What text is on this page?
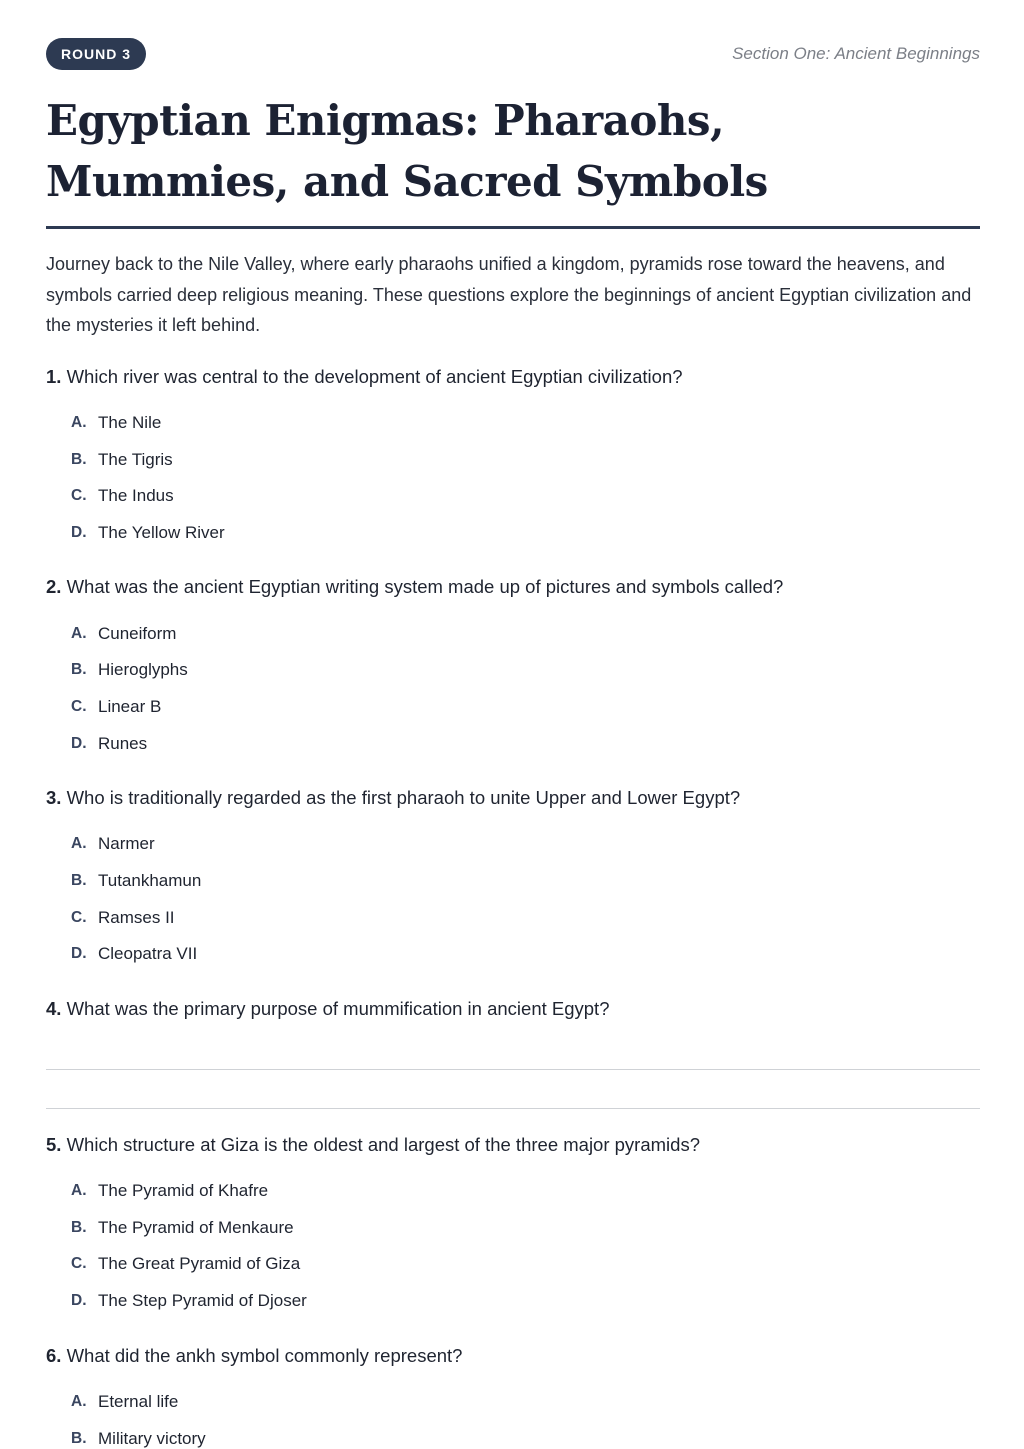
ROUND 3	Section One: Ancient Beginnings
Egyptian Enigmas: Pharaohs, Mummies, and Sacred Symbols

Journey back to the Nile Valley, where early pharaohs unified a kingdom, pyramids rose toward the heavens, and symbols carried deep religious meaning. These questions explore the beginnings of ancient Egyptian civilization and the mysteries it left behind.

1. Which river was central to the development of ancient Egyptian civilization?
A. The Nile
B. The Tigris
C. The Indus
D. The Yellow River
2. What was the ancient Egyptian writing system made up of pictures and symbols called?
A. Cuneiform
B. Hieroglyphs
C. Linear B
D. Runes
3. Who is traditionally regarded as the first pharaoh to unite Upper and Lower Egypt?
A. Narmer
B. Tutankhamun
C. Ramses II
D. Cleopatra VII
4. What was the primary purpose of mummification in ancient Egypt?
5. Which structure at Giza is the oldest and largest of the three major pyramids?
A. The Pyramid of Khafre
B. The Pyramid of Menkaure
C. The Great Pyramid of Giza
D. The Step Pyramid of Djoser
6. What did the ankh symbol commonly represent?
A. Eternal life
B. Military victory
